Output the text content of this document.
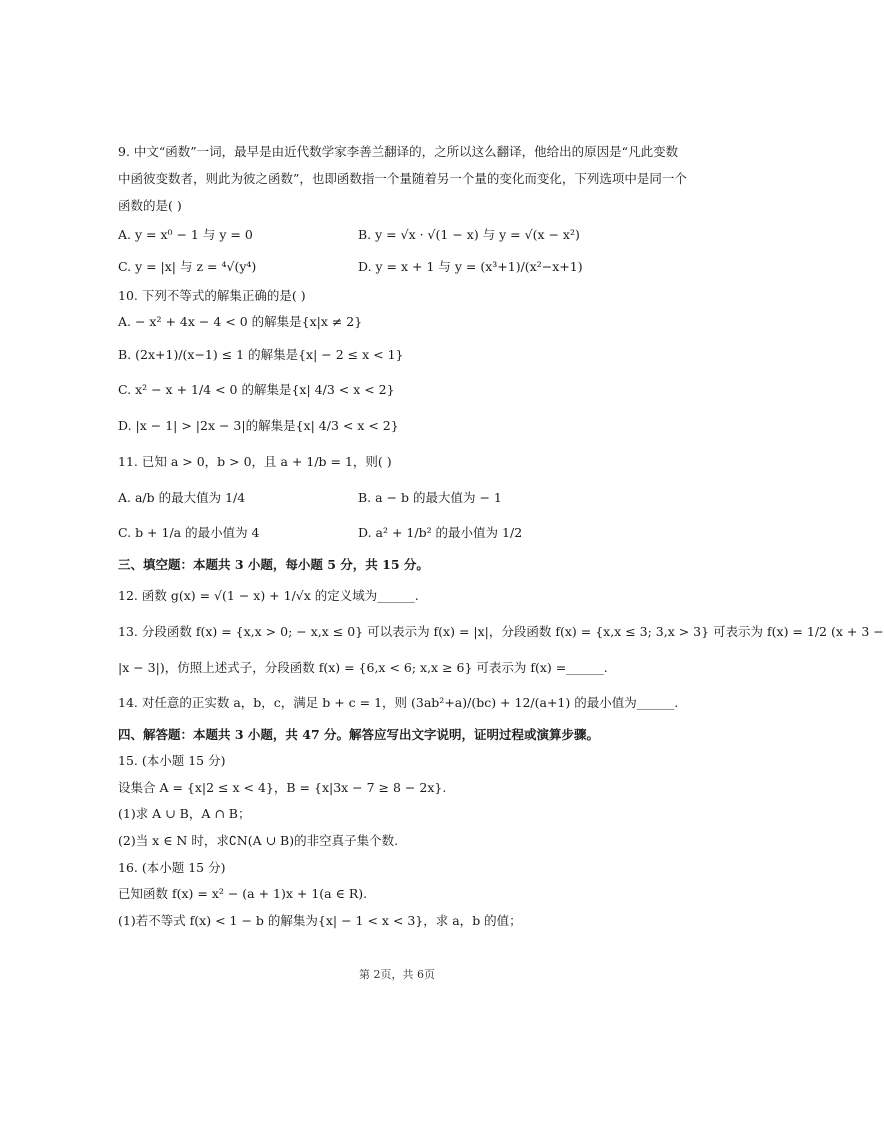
9. 中文“函数”一词，最早是由近代数学家李善兰翻译的，之所以这么翻译，他给出的原因是“凡此变数
中函彼变数者，则此为彼之函数”，也即函数指一个量随着另一个量的变化而变化，下列选项中是同一个
函数的是( )
A. y = x⁰ − 1 与 y = 0	B. y = √x · √(1 − x) 与 y = √(x − x²)
C. y = |x| 与 z = ⁴√(y⁴)	D. y = x + 1 与 y = (x³+1)/(x²−x+1)
10. 下列不等式的解集正确的是( )
A. − x² + 4x − 4 < 0 的解集是{x|x ≠ 2}
B. (2x+1)/(x−1) ≤ 1 的解集是{x| − 2 ≤ x < 1}
C. x² − x + 1/4 < 0 的解集是{x| 4/3 < x < 2}
D. |x − 1| > |2x − 3|的解集是{x| 4/3 < x < 2}
11. 已知 a > 0，b > 0，且 a + 1/b = 1，则( )
A. a/b 的最大值为 1/4	B. a − b 的最大值为 − 1
C. b + 1/a 的最小值为 4	D. a² + 1/b² 的最小值为 1/2
三、填空题：本题共 3 小题，每小题 5 分，共 15 分。
12. 函数 g(x) = √(1 − x) + 1/√x 的定义域为______.
13. 分段函数 f(x) = {x,x > 0; − x,x ≤ 0} 可以表示为 f(x) = |x|，分段函数 f(x) = {x,x ≤ 3; 3,x > 3} 可表示为 f(x) = 1/2 (x + 3 −
|x − 3|)，仿照上述式子，分段函数 f(x) = {6,x < 6; x,x ≥ 6} 可表示为 f(x) =______.
14. 对任意的正实数 a，b，c，满足 b + c = 1，则 (3ab²+a)/(bc) + 12/(a+1) 的最小值为______.
四、解答题：本题共 3 小题，共 47 分。解答应写出文字说明，证明过程或演算步骤。
15. (本小题 15 分)
设集合 A = {x|2 ≤ x < 4}，B = {x|3x − 7 ≥ 8 − 2x}.
(1)求 A ∪ B，A ∩ B；
(2)当 x ∈ N 时，求∁N(A ∪ B)的非空真子集个数.
16. (本小题 15 分)
已知函数 f(x) = x² − (a + 1)x + 1(a ∈ R).
(1)若不等式 f(x) < 1 − b 的解集为{x| − 1 < x < 3}，求 a，b 的值；
第 2页，共 6页
